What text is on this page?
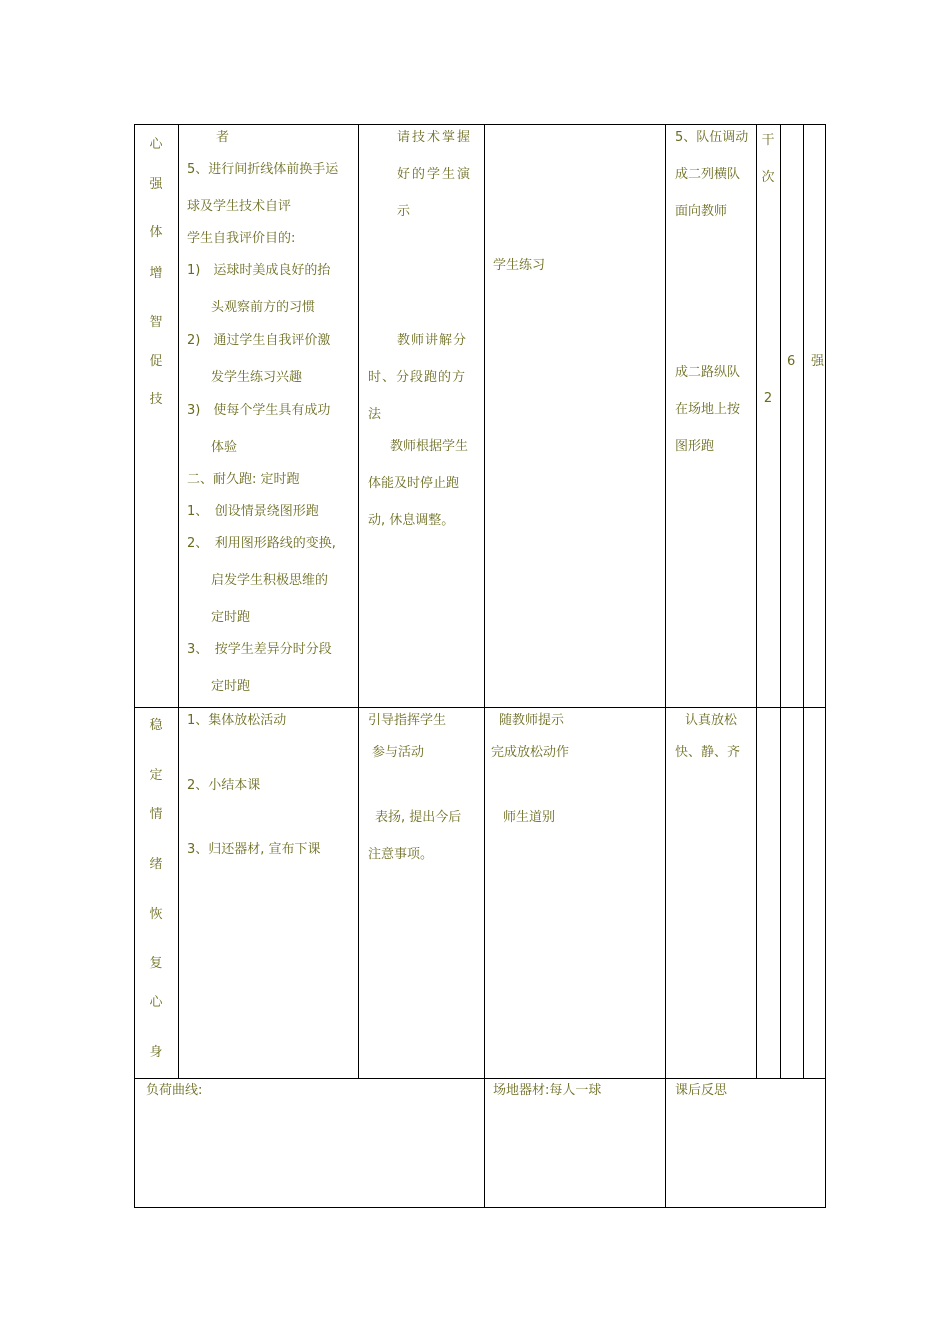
心
强
体
增
智
促
技
者
5、进行间折线体前换手运
球及学生技术自评
学生自我评价目的:
1)　运球时美成良好的抬
头观察前方的习惯
2)　通过学生自我评价激
发学生练习兴趣
3)　使每个学生具有成功
体验
二、耐久跑: 定时跑
1、　创设情景绕图形跑
2、　利用图形路线的变换,
启发学生积极思维的
定时跑
3、　按学生差异分时分段
定时跑
请技术掌握
好的学生演
示
教师讲解分
时、分段跑的方
法
教师根据学生
体能及时停止跑
动, 休息调整。
学生练习
5、队伍调动
成二列横队
面向教师
成二路纵队
在场地上按
图形跑
干
次
2
6 强
稳
定
情
绪
恢
复
心
身
1、集体放松活动
2、小结本课
3、归还器材, 宣布下课
引导指挥学生
参与活动
表扬, 提出今后
注意事项。
随教师提示
完成放松动作
师生道别
认真放松
快、静、齐
负荷曲线:	场地器材:每人一球	课后反思
